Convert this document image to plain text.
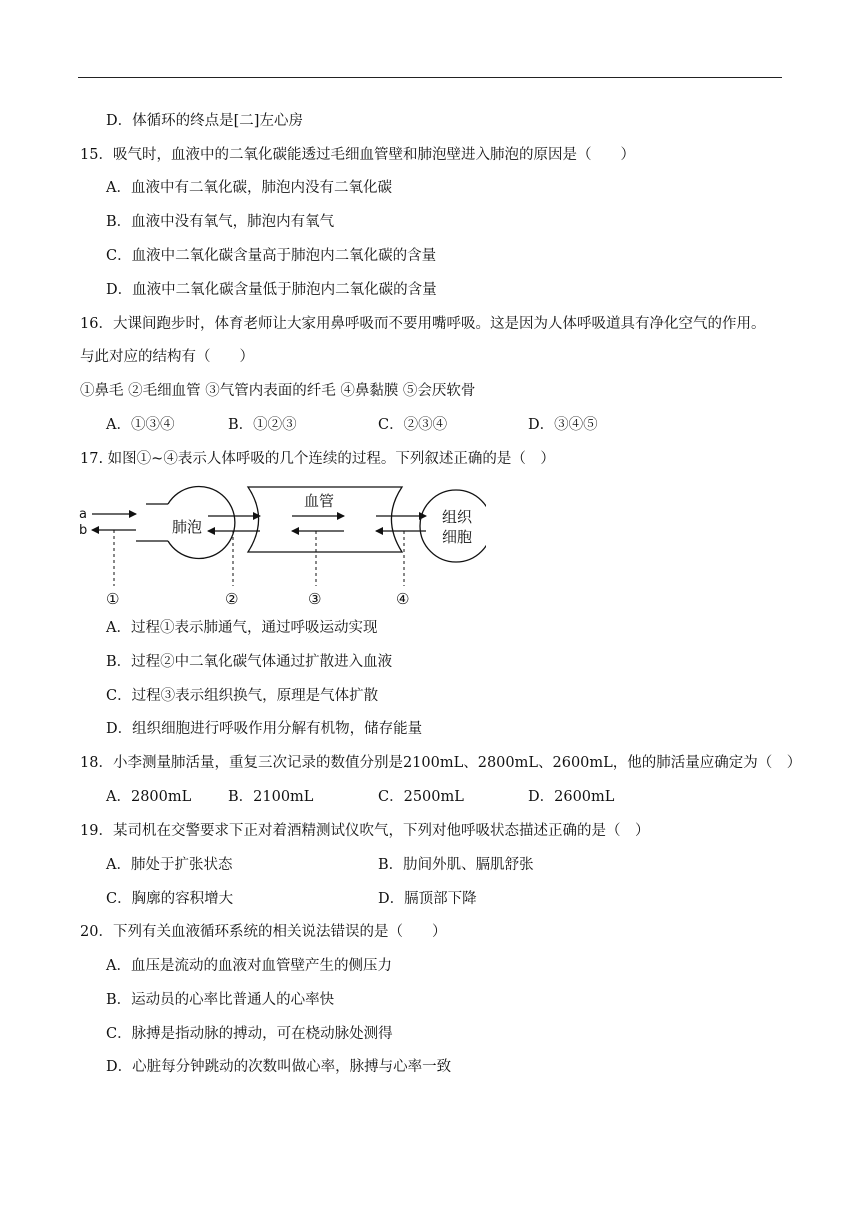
D．体循环的终点是[二]左心房
15．吸气时，血液中的二氧化碳能透过毛细血管壁和肺泡壁进入肺泡的原因是（　　）
A．血液中有二氧化碳，肺泡内没有二氧化碳
B．血液中没有氧气，肺泡内有氧气
C．血液中二氧化碳含量高于肺泡内二氧化碳的含量
D．血液中二氧化碳含量低于肺泡内二氧化碳的含量
16．大课间跑步时，体育老师让大家用鼻呼吸而不要用嘴呼吸。这是因为人体呼吸道具有净化空气的作用。
与此对应的结构有（　　）
①鼻毛 ②毛细血管 ③气管内表面的纤毛 ④鼻黏膜 ⑤会厌软骨
A．①③④	B．①②③	C．②③④	D．③④⑤
17. 如图①~④表示人体呼吸的几个连续的过程。下列叙述正确的是（　）
肺泡
a
b
血管
组织
细胞
①	②	③	④
A．过程①表示肺通气，通过呼吸运动实现
B．过程②中二氧化碳气体通过扩散进入血液
C．过程③表示组织换气，原理是气体扩散
D．组织细胞进行呼吸作用分解有机物，储存能量
18．小李测量肺活量，重复三次记录的数值分别是2100mL、2800mL、2600mL，他的肺活量应确定为（　）
A．2800mL	B．2100mL	C．2500mL	D．2600mL
19．某司机在交警要求下正对着酒精测试仪吹气，下列对他呼吸状态描述正确的是（　）
A．肺处于扩张状态	B．肋间外肌、膈肌舒张
C．胸廓的容积增大	D．膈顶部下降
20．下列有关血液循环系统的相关说法错误的是（　　）
A．血压是流动的血液对血管壁产生的侧压力
B．运动员的心率比普通人的心率快
C．脉搏是指动脉的搏动，可在桡动脉处测得
D．心脏每分钟跳动的次数叫做心率，脉搏与心率一致
